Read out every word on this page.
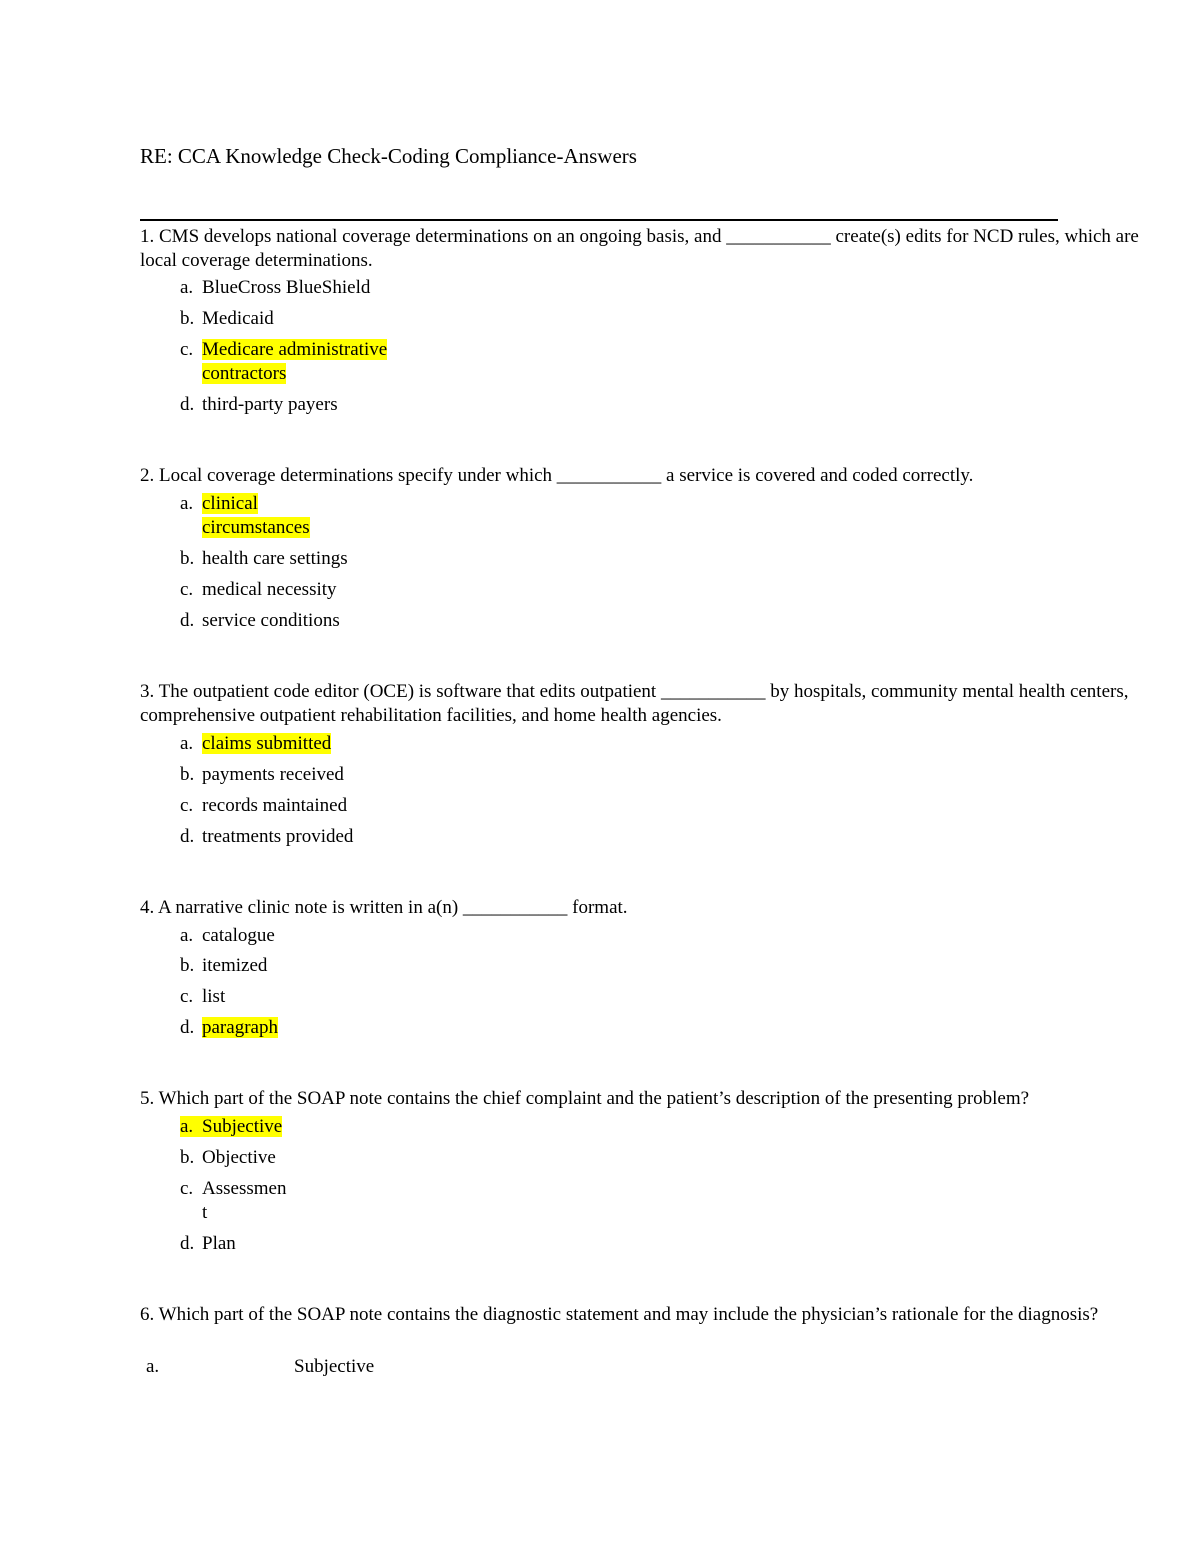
RE: CCA Knowledge Check-Coding Compliance-Answers
1. CMS develops national coverage determinations on an ongoing basis, and ___________ create(s) edits for NCD rules, which are local coverage determinations.
a. BlueCross BlueShield
b. Medicaid
c. Medicare administrative
contractors
d. third-party payers
2. Local coverage determinations specify under which ___________ a service is covered and coded correctly.
a. clinical
circumstances
b. health care settings
c. medical necessity
d. service conditions
3. The outpatient code editor (OCE) is software that edits outpatient ___________ by hospitals, community mental health centers, comprehensive outpatient rehabilitation facilities, and home health agencies.
a. claims submitted
b. payments received
c. records maintained
d. treatments provided
4. A narrative clinic note is written in a(n) ___________ format.
a. catalogue
b. itemized
c. list
d. paragraph
5. Which part of the SOAP note contains the chief complaint and the patient’s description of the presenting problem?
a. Subjective
b. Objective
c. Assessmen
t
d. Plan
6. Which part of the SOAP note contains the diagnostic statement and may include the physician’s rationale for the diagnosis?
a.	Subjective
